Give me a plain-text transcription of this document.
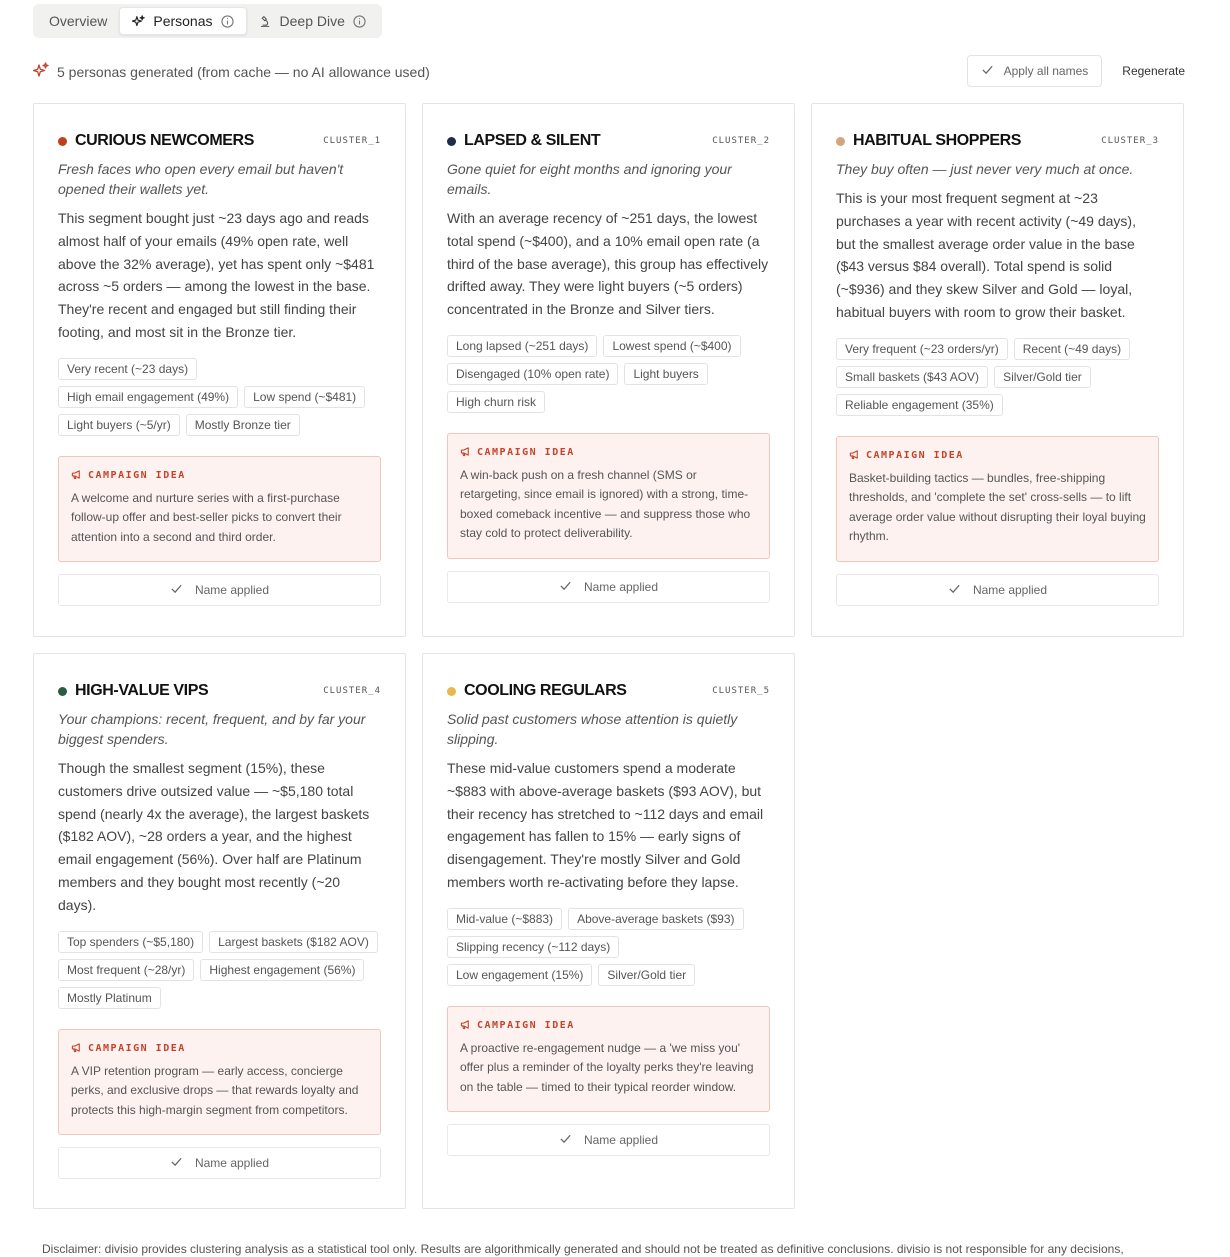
Overview	Personas	Deep Dive
5 personas generated (from cache — no AI allowance used)	Apply all names	Regenerate
CURIOUS NEWCOMERS	CLUSTER_1
Fresh faces who open every email but haven't opened their wallets yet.
This segment bought just ~23 days ago and reads almost half of your emails (49% open rate, well above the 32% average), yet has spent only ~$481 across ~5 orders — among the lowest in the base. They're recent and engaged but still finding their footing, and most sit in the Bronze tier.
Very recent (~23 days)
High email engagement (49%)	Low spend (~$481)
Light buyers (~5/yr)	Mostly Bronze tier
CAMPAIGN IDEA
A welcome and nurture series with a first-purchase follow-up offer and best-seller picks to convert their attention into a second and third order.
Name applied
LAPSED & SILENT	CLUSTER_2
Gone quiet for eight months and ignoring your emails.
With an average recency of ~251 days, the lowest total spend (~$400), and a 10% email open rate (a third of the base average), this group has effectively drifted away. They were light buyers (~5 orders) concentrated in the Bronze and Silver tiers.
Long lapsed (~251 days)	Lowest spend (~$400)
Disengaged (10% open rate)	Light buyers
High churn risk
CAMPAIGN IDEA
A win-back push on a fresh channel (SMS or retargeting, since email is ignored) with a strong, time-boxed comeback incentive — and suppress those who stay cold to protect deliverability.
Name applied
HABITUAL SHOPPERS	CLUSTER_3
They buy often — just never very much at once.
This is your most frequent segment at ~23 purchases a year with recent activity (~49 days), but the smallest average order value in the base ($43 versus $84 overall). Total spend is solid (~$936) and they skew Silver and Gold — loyal, habitual buyers with room to grow their basket.
Very frequent (~23 orders/yr)	Recent (~49 days)
Small baskets ($43 AOV)	Silver/Gold tier
Reliable engagement (35%)
CAMPAIGN IDEA
Basket-building tactics — bundles, free-shipping thresholds, and 'complete the set' cross-sells — to lift average order value without disrupting their loyal buying rhythm.
Name applied
HIGH-VALUE VIPS	CLUSTER_4
Your champions: recent, frequent, and by far your biggest spenders.
Though the smallest segment (15%), these customers drive outsized value — ~$5,180 total spend (nearly 4x the average), the largest baskets ($182 AOV), ~28 orders a year, and the highest email engagement (56%). Over half are Platinum members and they bought most recently (~20 days).
Top spenders (~$5,180)	Largest baskets ($182 AOV)
Most frequent (~28/yr)	Highest engagement (56%)
Mostly Platinum
CAMPAIGN IDEA
A VIP retention program — early access, concierge perks, and exclusive drops — that rewards loyalty and protects this high-margin segment from competitors.
Name applied
COOLING REGULARS	CLUSTER_5
Solid past customers whose attention is quietly slipping.
These mid-value customers spend a moderate ~$883 with above-average baskets ($93 AOV), but their recency has stretched to ~112 days and email engagement has fallen to 15% — early signs of disengagement. They're mostly Silver and Gold members worth re-activating before they lapse.
Mid-value (~$883)	Above-average baskets ($93)
Slipping recency (~112 days)
Low engagement (15%)	Silver/Gold tier
CAMPAIGN IDEA
A proactive re-engagement nudge — a 'we miss you' offer plus a reminder of the loyalty perks they're leaving on the table — timed to their typical reorder window.
Name applied
Disclaimer: divisio provides clustering analysis as a statistical tool only. Results are algorithmically generated and should not be treated as definitive conclusions. divisio is not responsible for any decisions,
